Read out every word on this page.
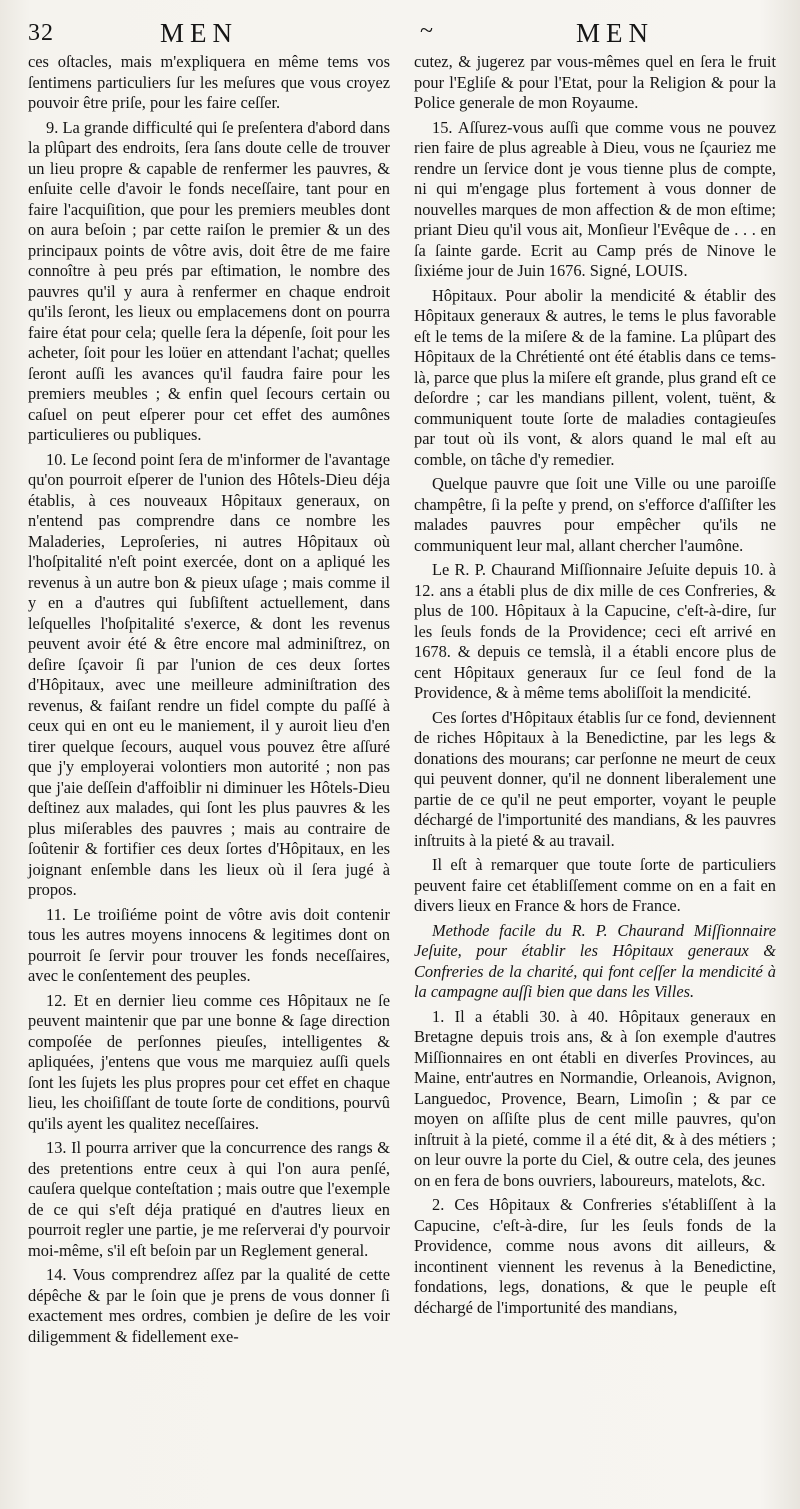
32	MEN	~	MEN

ces oſtacles, mais m'expliquera en même tems vos ſentimens particuliers ſur les meſures que vous croyez pouvoir être priſe, pour les faire ceſſer.

9. La grande difficulté qui ſe preſentera d'abord dans la plûpart des endroits, ſera ſans doute celle de trouver un lieu propre & capable de renfermer les pauvres, & enſuite celle d'avoir le fonds neceſſaire, tant pour en faire l'acquiſition, que pour les premiers meubles dont on aura beſoin ; par cette raiſon le premier & un des principaux points de vôtre avis, doit être de me faire connoître à peu prés par eſtimation, le nombre des pauvres qu'il y aura à renfermer en chaque endroit qu'ils ſeront, les lieux ou emplacemens dont on pourra faire état pour cela; quelle ſera la dépenſe, ſoit pour les acheter, ſoit pour les loüer en attendant l'achat; quelles ſeront auſſi les avances qu'il faudra faire pour les premiers meubles ; & enfin quel ſecours certain ou caſuel on peut eſperer pour cet effet des aumônes particulieres ou publiques.

10. Le ſecond point ſera de m'informer de l'avantage qu'on pourroit eſperer de l'union des Hôtels-Dieu déja établis, à ces nouveaux Hôpitaux generaux, on n'entend pas comprendre dans ce nombre les Maladeries, Leproſeries, ni autres Hôpitaux où l'hoſpitalité n'eſt point exercée, dont on a apliqué les revenus à un autre bon & pieux uſage ; mais comme il y en a d'autres qui ſubſiſtent actuellement, dans leſquelles l'hoſpitalité s'exerce, & dont les revenus peuvent avoir été & être encore mal adminiſtrez, on deſire ſçavoir ſi par l'union de ces deux ſortes d'Hôpitaux, avec une meilleure adminiſtration des revenus, & faiſant rendre un fidel compte du paſſé à ceux qui en ont eu le maniement, il y auroit lieu d'en tirer quelque ſecours, auquel vous pouvez être aſſuré que j'y employerai volontiers mon autorité ; non pas que j'aie deſſein d'affoiblir ni diminuer les Hôtels-Dieu deſtinez aux malades, qui ſont les plus pauvres & les plus miſerables des pauvres ; mais au contraire de ſoûtenir & fortifier ces deux ſortes d'Hôpitaux, en les joignant enſemble dans les lieux où il ſera jugé à propos.

11. Le troiſiéme point de vôtre avis doit contenir tous les autres moyens innocens & legitimes dont on pourroit ſe ſervir pour trouver les fonds neceſſaires, avec le conſentement des peuples.

12. Et en dernier lieu comme ces Hôpitaux ne ſe peuvent maintenir que par une bonne & ſage direction compoſée de perſonnes pieuſes, intelligentes & apliquées, j'entens que vous me marquiez auſſi quels ſont les ſujets les plus propres pour cet effet en chaque lieu, les choiſiſſant de toute ſorte de conditions, pourvû qu'ils ayent les qualitez neceſſaires.

13. Il pourra arriver que la concurrence des rangs & des pretentions entre ceux à qui l'on aura penſé, cauſera quelque conteſtation ; mais outre que l'exemple de ce qui s'eſt déja pratiqué en d'autres lieux en pourroit regler une partie, je me reſerverai d'y pourvoir moi-même, s'il eſt beſoin par un Reglement general.

14. Vous comprendrez aſſez par la qualité de cette dépêche & par le ſoin que je prens de vous donner ſi exactement mes ordres, combien je deſire de les voir diligemment & fidellement exe-

cutez, & jugerez par vous-mêmes quel en ſera le fruit pour l'Egliſe & pour l'Etat, pour la Religion & pour la Police generale de mon Royaume.

15. Aſſurez-vous auſſi que comme vous ne pouvez rien faire de plus agreable à Dieu, vous ne ſçauriez me rendre un ſervice dont je vous tienne plus de compte, ni qui m'engage plus fortement à vous donner de nouvelles marques de mon affection & de mon eſtime; priant Dieu qu'il vous ait, Monſieur l'Evêque de . . . en ſa ſainte garde. Ecrit au Camp prés de Ninove le ſixiéme jour de Juin 1676. Signé, LOUIS.

Hôpitaux. Pour abolir la mendicité & établir des Hôpitaux generaux & autres, le tems le plus favorable eſt le tems de la miſere & de la famine. La plûpart des Hôpitaux de la Chrétienté ont été établis dans ce tems-là, parce que plus la miſere eſt grande, plus grand eſt ce deſordre ; car les mandians pillent, volent, tuënt, & communiquent toute ſorte de maladies contagieuſes par tout où ils vont, & alors quand le mal eſt au comble, on tâche d'y remedier.

Quelque pauvre que ſoit une Ville ou une paroiſſe champêtre, ſi la peſte y prend, on s'efforce d'aſſiſter les malades pauvres pour empêcher qu'ils ne communiquent leur mal, allant chercher l'aumône.

Le R. P. Chaurand Miſſionnaire Jeſuite depuis 10. à 12. ans a établi plus de dix mille de ces Confreries, & plus de 100. Hôpitaux à la Capucine, c'eſt-à-dire, ſur les ſeuls fonds de la Providence; ceci eſt arrivé en 1678. & depuis ce temslà, il a établi encore plus de cent Hôpitaux generaux ſur ce ſeul fond de la Providence, & à même tems aboliſſoit la mendicité.

Ces ſortes d'Hôpitaux établis ſur ce fond, deviennent de riches Hôpitaux à la Benedictine, par les legs & donations des mourans; car perſonne ne meurt de ceux qui peuvent donner, qu'il ne donnent liberalement une partie de ce qu'il ne peut emporter, voyant le peuple déchargé de l'importunité des mandians, & les pauvres inſtruits à la pieté & au travail.

Il eſt à remarquer que toute ſorte de particuliers peuvent faire cet établiſſement comme on en a fait en divers lieux en France & hors de France.

Methode facile du R. P. Chaurand Miſſionnaire Jeſuite, pour établir les Hôpitaux generaux & Confreries de la charité, qui font ceſſer la mendicité à la campagne auſſi bien que dans les Villes.

1. Il a établi 30. à 40. Hôpitaux generaux en Bretagne depuis trois ans, & à ſon exemple d'autres Miſſionnaires en ont établi en diverſes Provinces, au Maine, entr'autres en Normandie, Orleanois, Avignon, Languedoc, Provence, Bearn, Limoſin ; & par ce moyen on aſſiſte plus de cent mille pauvres, qu'on inſtruit à la pieté, comme il a été dit, & à des métiers ; on leur ouvre la porte du Ciel, & outre cela, des jeunes on en fera de bons ouvriers, laboureurs, matelots, &c.

2. Ces Hôpitaux & Confreries s'établiſſent à la Capucine, c'eſt-à-dire, ſur les ſeuls fonds de la Providence, comme nous avons dit ailleurs, & incontinent viennent les revenus à la Benedictine, fondations, legs, donations, & que le peuple eſt déchargé de l'importunité des mandians,
